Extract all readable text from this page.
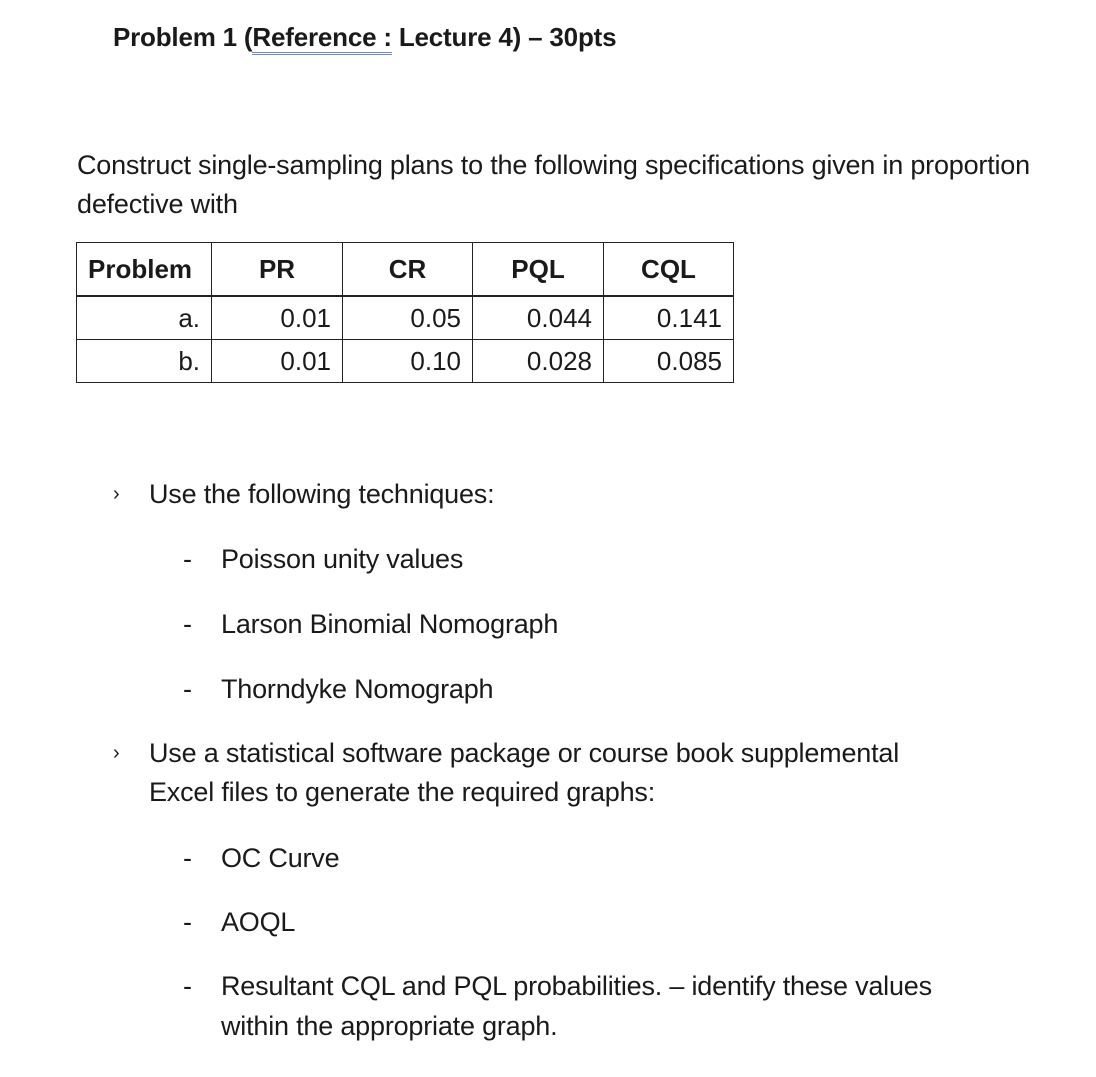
Problem 1 (Reference : Lecture 4) – 30pts
Construct single-sampling plans to the following specifications given in proportion defective with
Problem	PR	CR	PQL	CQL
a.	0.01	0.05	0.044	0.141
b.	0.01	0.10	0.028	0.085
› Use the following techniques:
- Poisson unity values
- Larson Binomial Nomograph
- Thorndyke Nomograph
› Use a statistical software package or course book supplemental
Excel files to generate the required graphs:
- OC Curve
- AOQL
- Resultant CQL and PQL probabilities. – identify these values
within the appropriate graph.
